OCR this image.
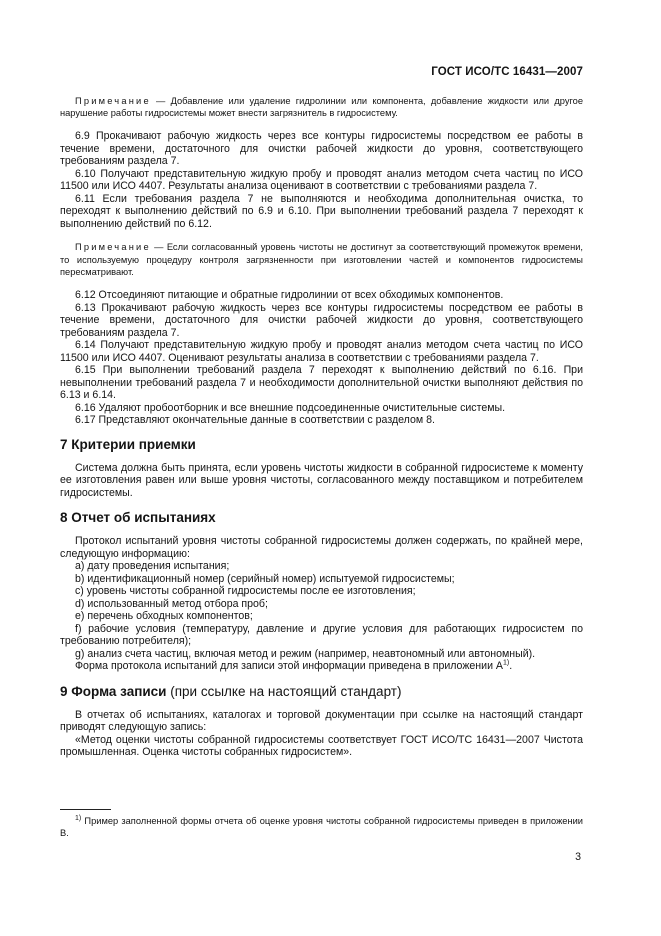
ГОСТ ИСО/ТС 16431—2007

Примечание — Добавление или удаление гидролинии или компонента, добавление жидкости или другое нарушение работы гидросистемы может внести загрязнитель в гидросистему.

6.9 Прокачивают рабочую жидкость через все контуры гидросистемы посредством ее работы в течение времени, достаточного для очистки рабочей жидкости до уровня, соответствующего требованиям раздела 7.

6.10 Получают представительную жидкую пробу и проводят анализ методом счета частиц по ИСО 11500 или ИСО 4407. Результаты анализа оценивают в соответствии с требованиями раздела 7.

6.11 Если требования раздела 7 не выполняются и необходима дополнительная очистка, то переходят к выполнению действий по 6.9 и 6.10. При выполнении требований раздела 7 переходят к выполнению действий по 6.12.

Примечание — Если согласованный уровень чистоты не достигнут за соответствующий промежуток времени, то используемую процедуру контроля загрязненности при изготовлении частей и компонентов гидросистемы пересматривают.

6.12 Отсоединяют питающие и обратные гидролинии от всех обходимых компонентов.

6.13 Прокачивают рабочую жидкость через все контуры гидросистемы посредством ее работы в течение времени, достаточного для очистки рабочей жидкости до уровня, соответствующего требованиям раздела 7.

6.14 Получают представительную жидкую пробу и проводят анализ методом счета частиц по ИСО 11500 или ИСО 4407. Оценивают результаты анализа в соответствии с требованиями раздела 7.

6.15 При выполнении требований раздела 7 переходят к выполнению действий по 6.16. При невыполнении требований раздела 7 и необходимости дополнительной очистки выполняют действия по 6.13 и 6.14.

6.16 Удаляют пробоотборник и все внешние подсоединенные очистительные системы.

6.17 Представляют окончательные данные в соответствии с разделом 8.

7 Критерии приемки

Система должна быть принята, если уровень чистоты жидкости в собранной гидросистеме к моменту ее изготовления равен или выше уровня чистоты, согласованного между поставщиком и потребителем гидросистемы.

8 Отчет об испытаниях

Протокол испытаний уровня чистоты собранной гидросистемы должен содержать, по крайней мере, следующую информацию:

a) дату проведения испытания;

b) идентификационный номер (серийный номер) испытуемой гидросистемы;

c) уровень чистоты собранной гидросистемы после ее изготовления;

d) использованный метод отбора проб;

e) перечень обходных компонентов;

f) рабочие условия (температуру, давление и другие условия для работающих гидросистем по требованию потребителя);

g) анализ счета частиц, включая метод и режим (например, неавтономный или автономный).

Форма протокола испытаний для записи этой информации приведена в приложении $А^{1)}$.

9 Форма записи (при ссылке на настоящий стандарт)

В отчетах об испытаниях, каталогах и торговой документации при ссылке на настоящий стандарт приводят следующую запись:

«Метод оценки чистоты собранной гидросистемы соответствует ГОСТ ИСО/ТС 16431—2007 Чистота промышленная. Оценка чистоты собранных гидросистем».

$^{1)}$ Пример заполненной формы отчета об оценке уровня чистоты собранной гидросистемы приведен в приложении В.

3
